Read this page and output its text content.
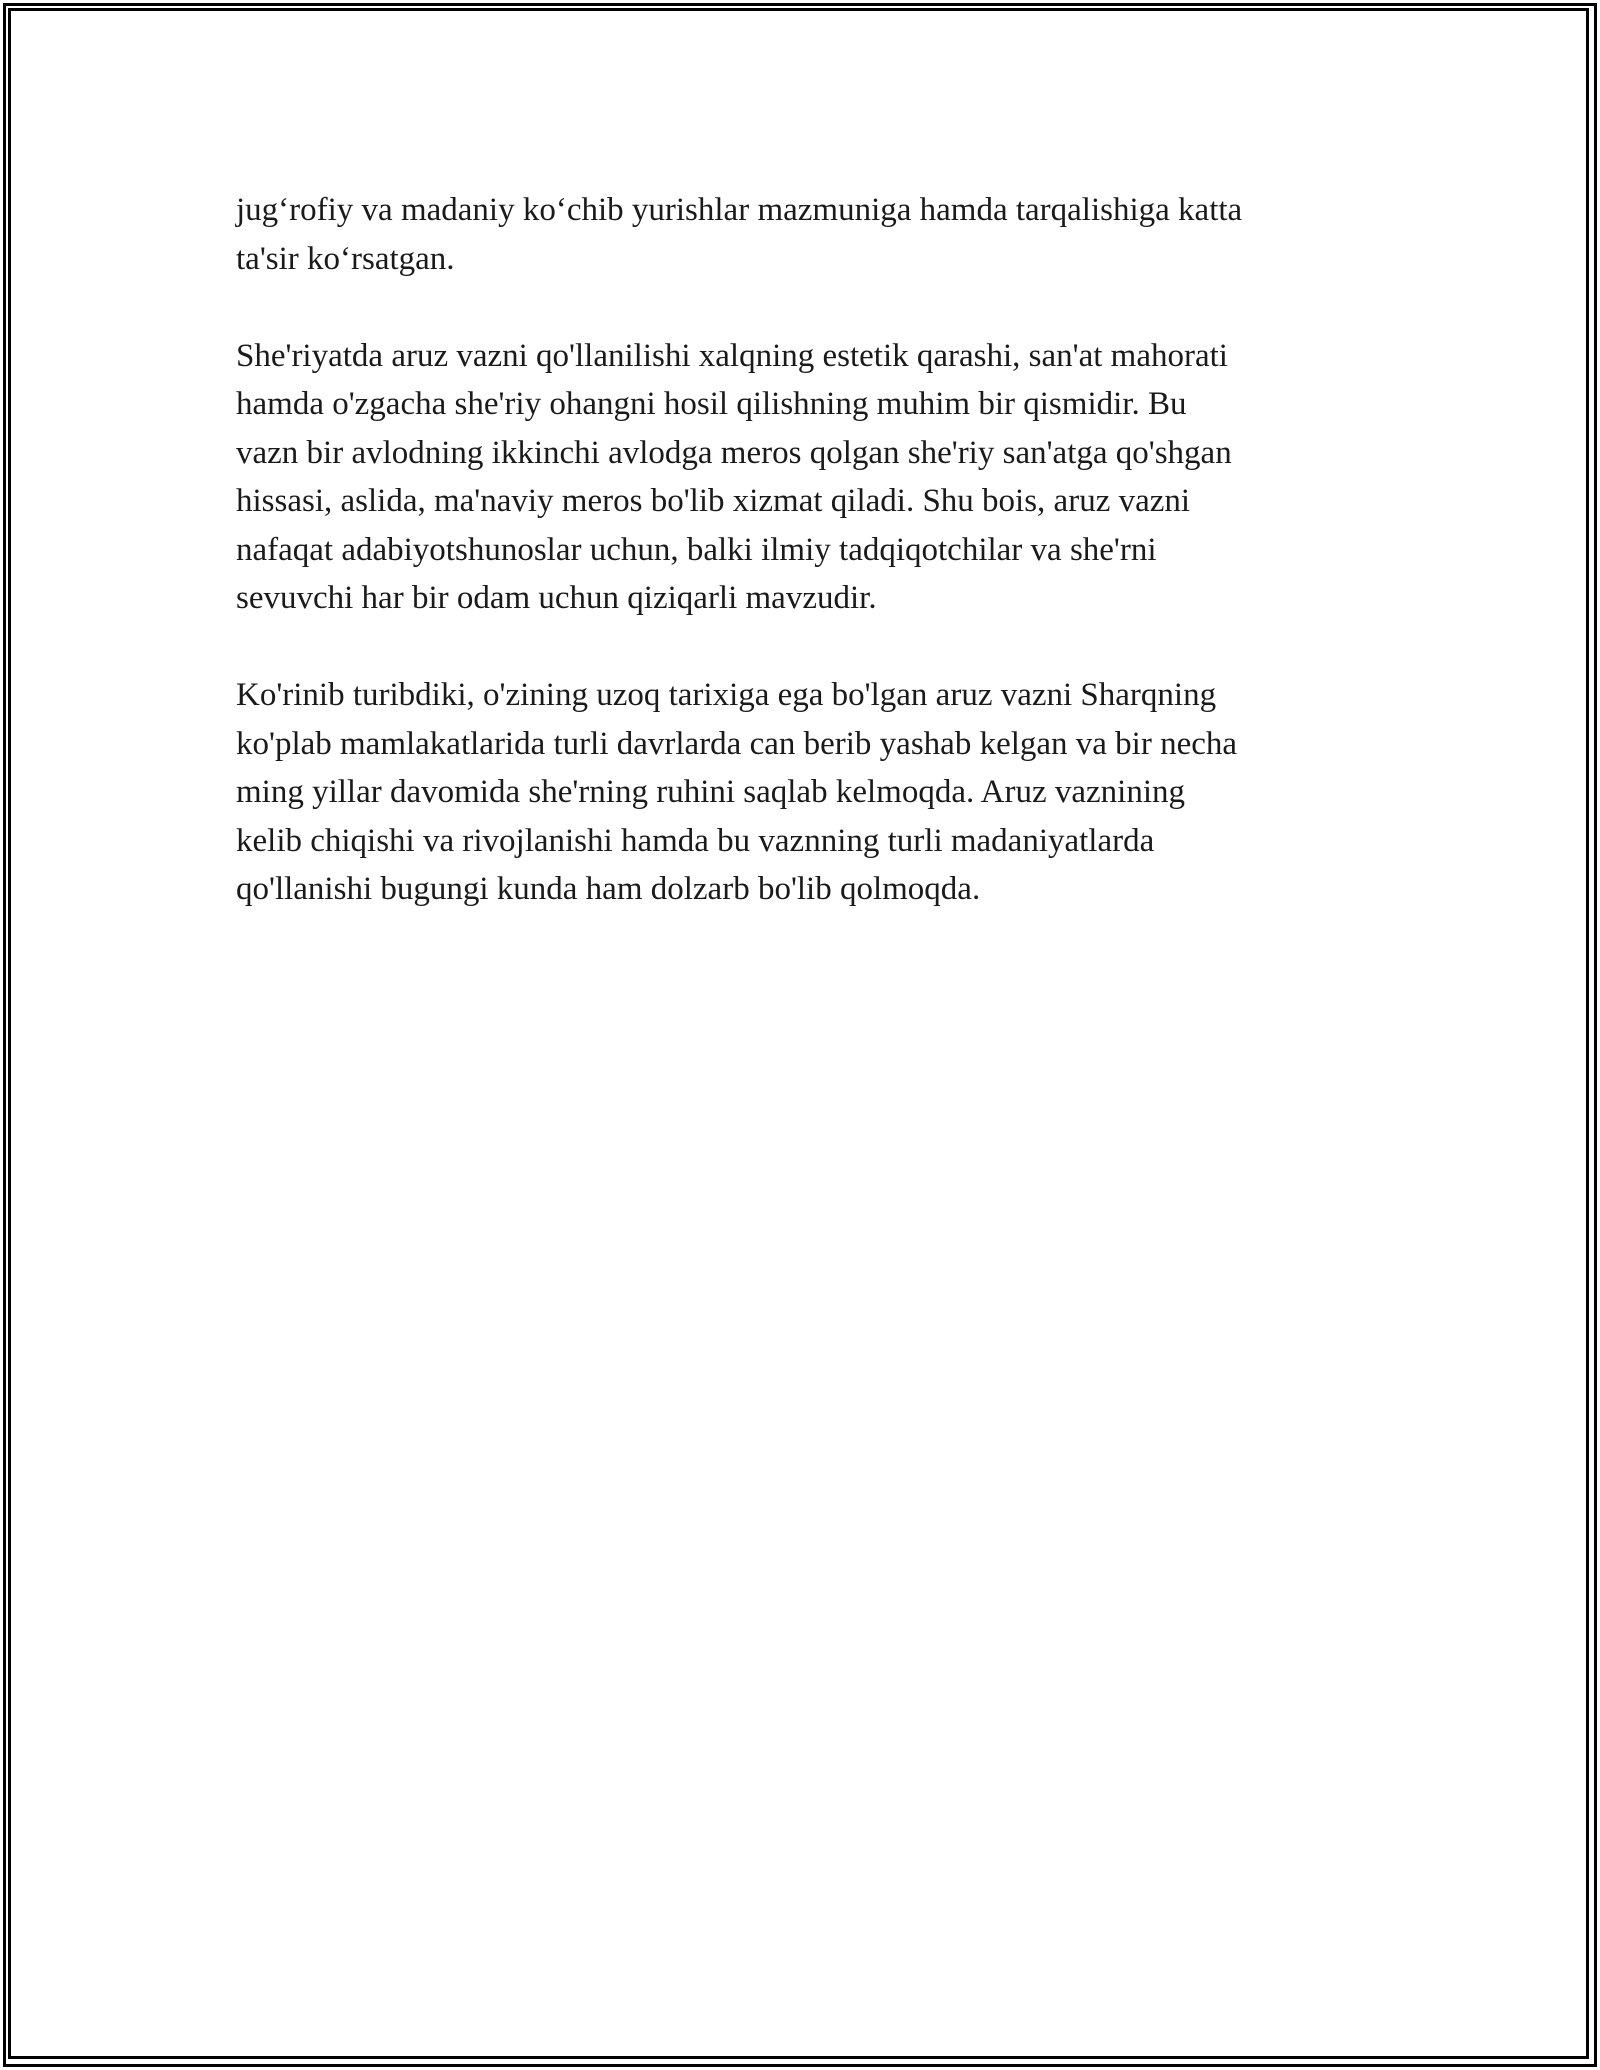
jug‘rofiy va madaniy ko‘chib yurishlar mazmuniga hamda tarqalishiga katta
ta'sir ko‘rsatgan.

She'riyatda aruz vazni qo'llanilishi xalqning estetik qarashi, san'at mahorati
hamda o'zgacha she'riy ohangni hosil qilishning muhim bir qismidir. Bu
vazn bir avlodning ikkinchi avlodga meros qolgan she'riy san'atga qo'shgan
hissasi, aslida, ma'naviy meros bo'lib xizmat qiladi. Shu bois, aruz vazni
nafaqat adabiyotshunoslar uchun, balki ilmiy tadqiqotchilar va she'rni
sevuvchi har bir odam uchun qiziqarli mavzudir.

Ko'rinib turibdiki, o'zining uzoq tarixiga ega bo'lgan aruz vazni Sharqning
ko'plab mamlakatlarida turli davrlarda can berib yashab kelgan va bir necha
ming yillar davomida she'rning ruhini saqlab kelmoqda. Aruz vaznining
kelib chiqishi va rivojlanishi hamda bu vaznning turli madaniyatlarda
qo'llanishi bugungi kunda ham dolzarb bo'lib qolmoqda.
